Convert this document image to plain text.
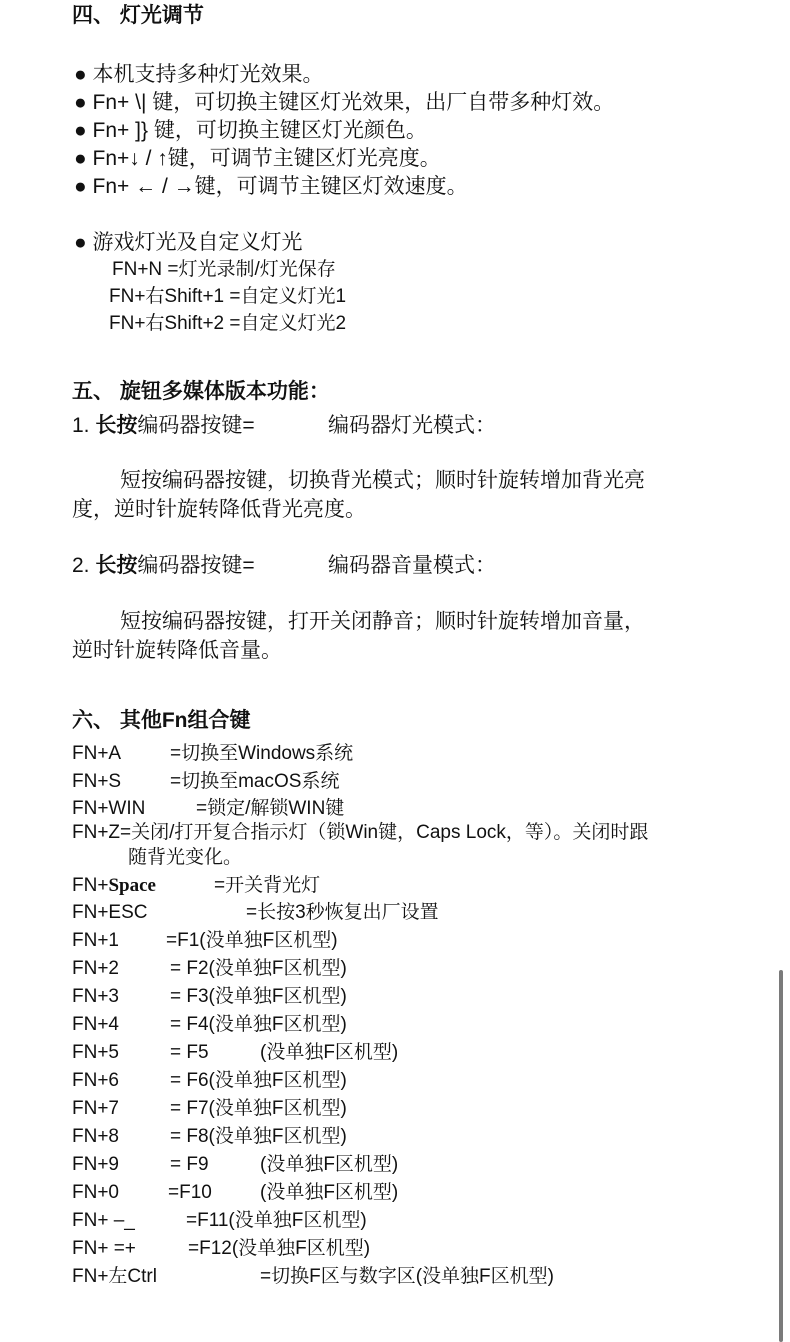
四、 灯光调节
● 本机支持多种灯光效果。
● Fn+ \| 键，可切换主键区灯光效果，出厂自带多种灯效。
● Fn+ ]} 键，可切换主键区灯光颜色。
● Fn+↓ / ↑键，可调节主键区灯光亮度。
● Fn+ ← / →键，可调节主键区灯效速度。
● 游戏灯光及自定义灯光
FN+N =灯光录制/灯光保存
FN+右Shift+1 =自定义灯光1
FN+右Shift+2 =自定义灯光2
五、 旋钮多媒体版本功能：
1. 长按编码器按键=	编码器灯光模式：
短按编码器按键，切换背光模式；顺时针旋转增加背光亮
度，逆时针旋转降低背光亮度。
2. 长按编码器按键=	编码器音量模式：
短按编码器按键，打开关闭静音；顺时针旋转增加音量，
逆时针旋转降低音量。
六、 其他Fn组合键
FN+A	=切换至Windows系统
FN+S	=切换至macOS系统
FN+WIN	=锁定/解锁WIN键
FN+Z=关闭/打开复合指示灯（锁Win键，Caps Lock，等）。关闭时跟
随背光变化。
FN+Space	=开关背光灯
FN+ESC	=长按3秒恢复出厂设置
FN+1 =F1(没单独F区机型)
FN+2	= F2(没单独F区机型)
FN+3	= F3(没单独F区机型)
FN+4	= F4(没单独F区机型)
FN+5	= F5	(没单独F区机型)
FN+6	= F6(没单独F区机型)
FN+7	= F7(没单独F区机型)
FN+8	= F8(没单独F区机型)
FN+9	= F9	(没单独F区机型)
FN+0	=F10	(没单独F区机型)
FN+ –_	=F11(没单独F区机型)
FN+ =+	=F12(没单独F区机型)
FN+左Ctrl	=切换F区与数字区(没单独F区机型)
